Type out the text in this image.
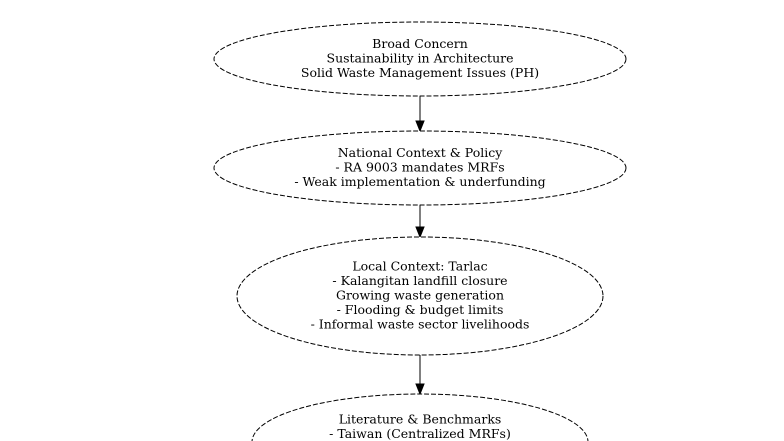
Broad Concern
Sustainability in Architecture
Solid Waste Management Issues (PH)
National Context & Policy
- RA 9003 mandates MRFs
- Weak implementation & underfunding
Local Context: Tarlac
- Kalangitan landfill closure
Growing waste generation
- Flooding & budget limits
- Informal waste sector livelihoods
Literature & Benchmarks
- Taiwan (Centralized MRFs)
